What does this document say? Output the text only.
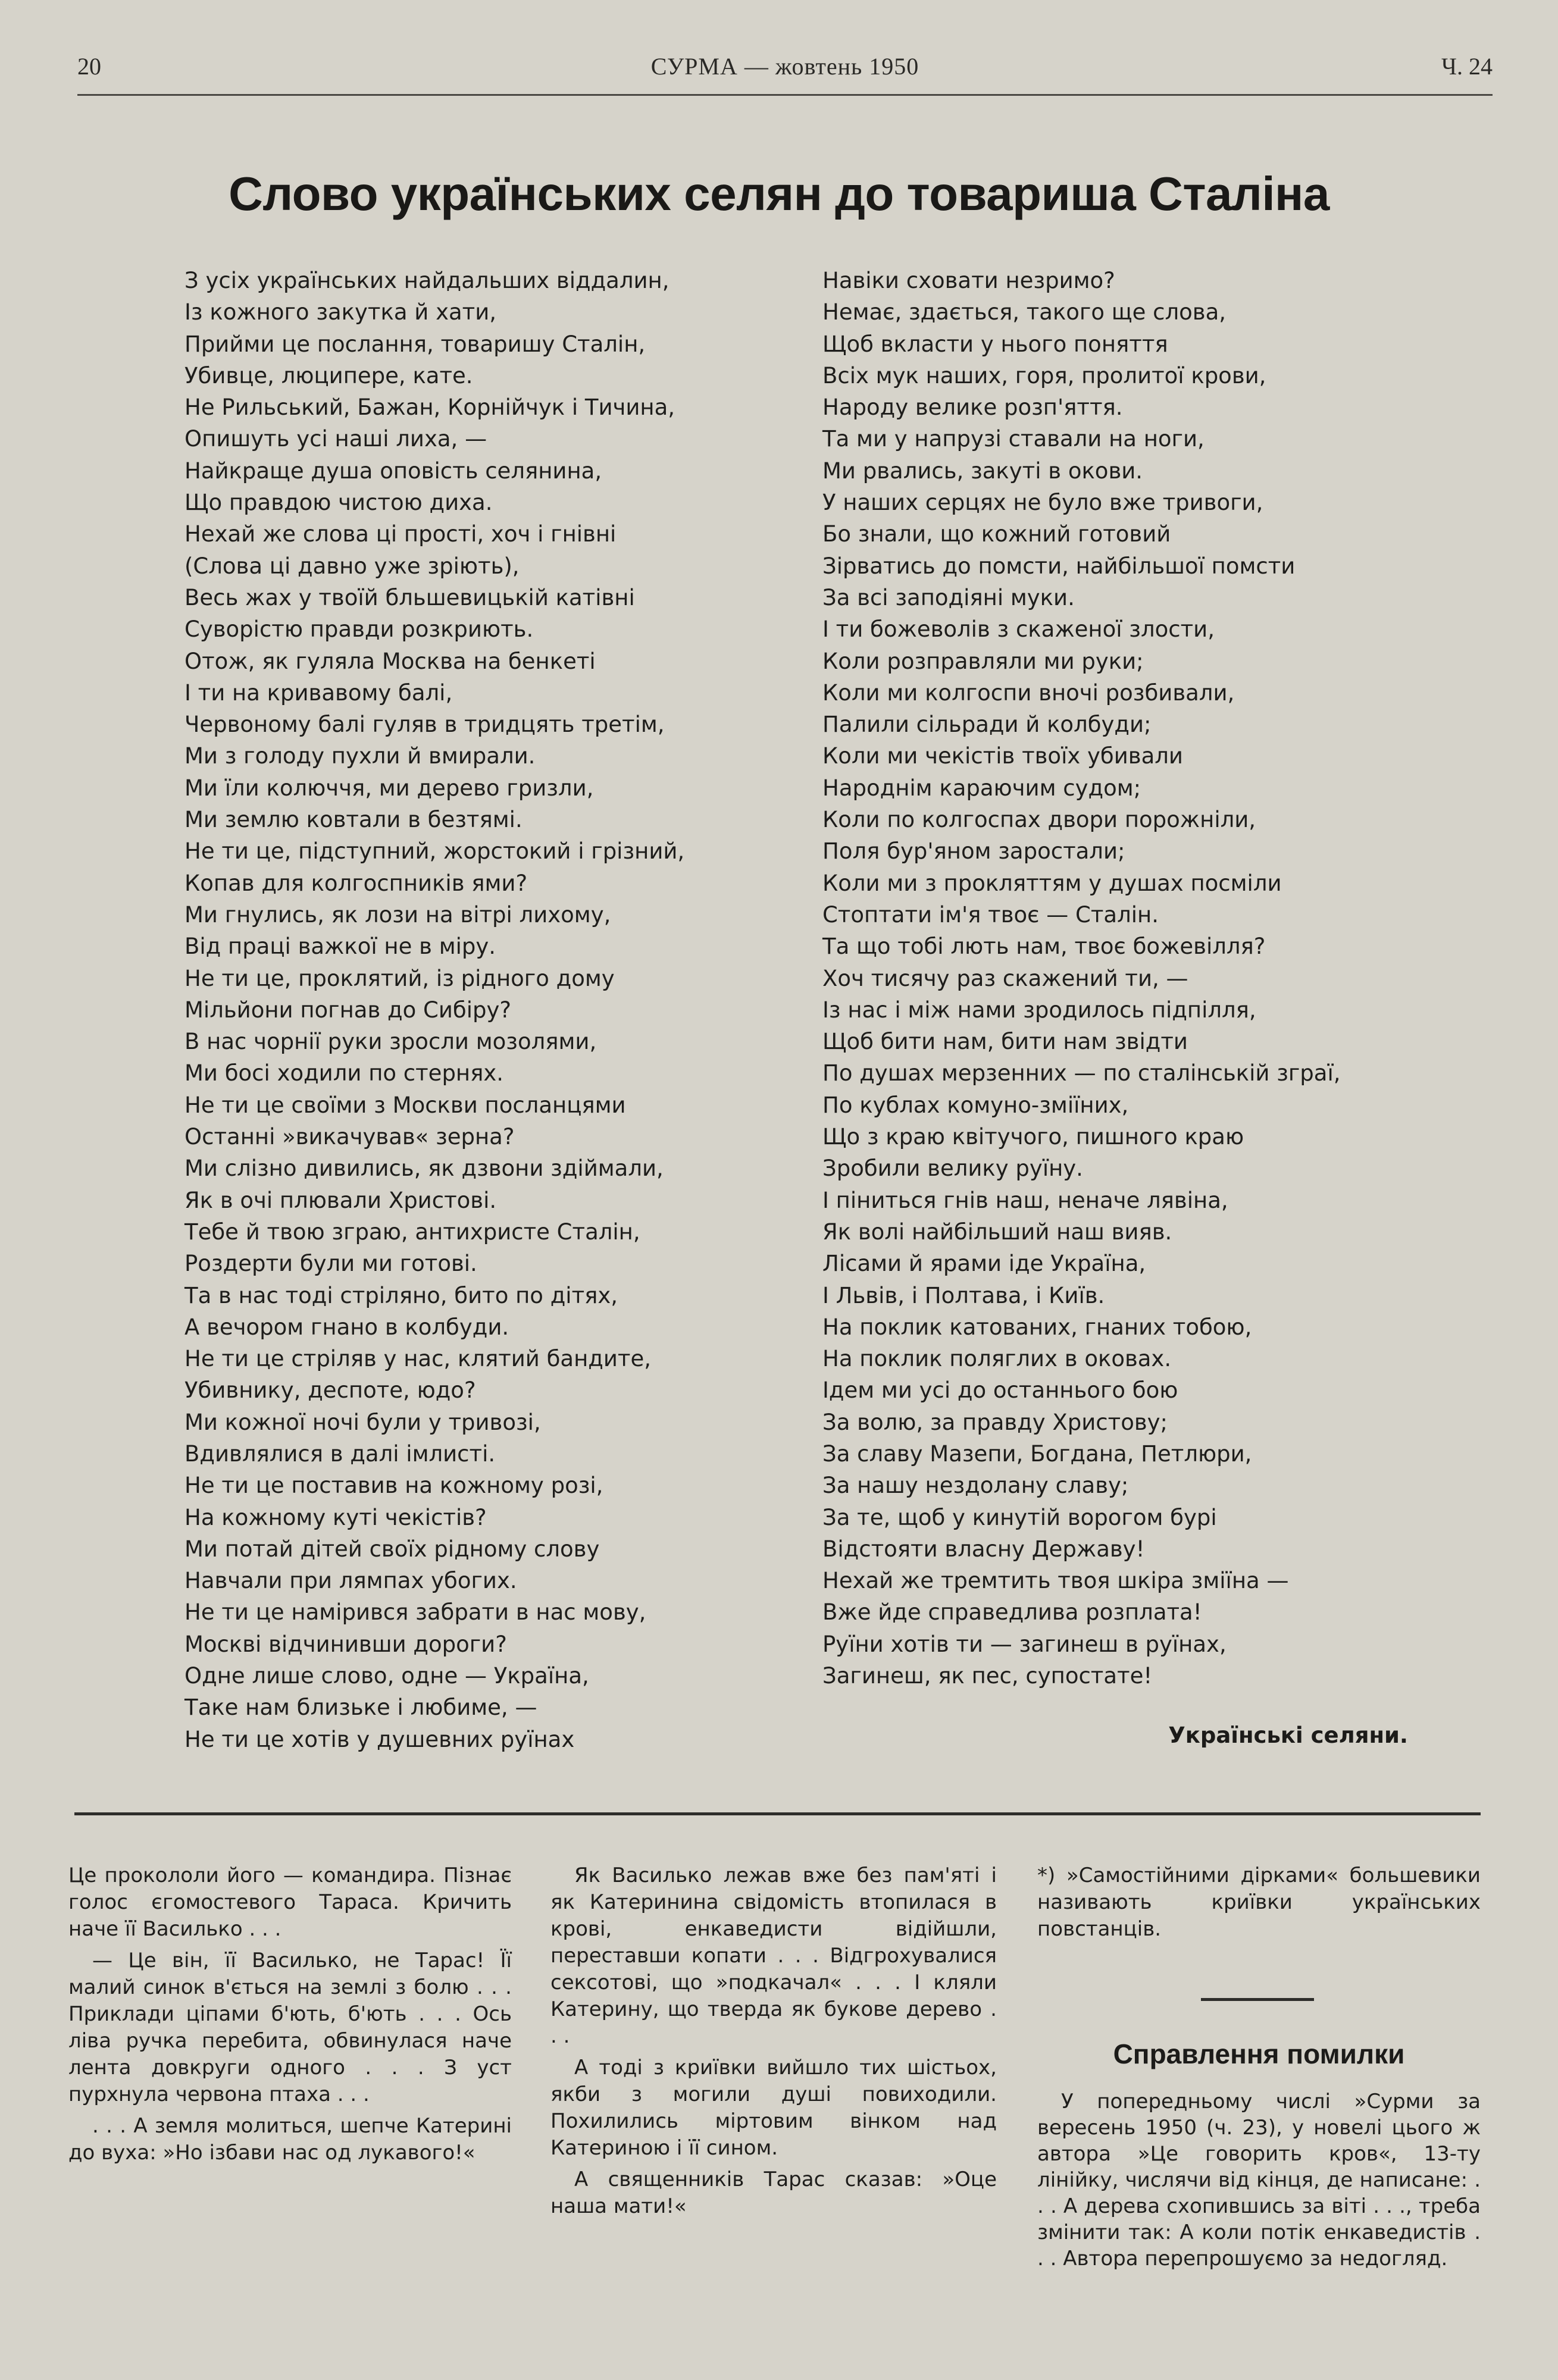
20	СУРМА — жовтень 1950	Ч. 24
Слово українських селян до товариша Сталіна
З усіх українських найдальших віддалин,
Із кожного закутка й хати,
Прийми це послання, товаришу Сталін,
Убивце, люципере, кате.
Не Рильський, Бажан, Корнійчук і Тичина,
Опишуть усі наші лиха, —
Найкраще душа оповість селянина,
Що правдою чистою диха.
Нехай же слова ці прості, хоч і гнівні
(Слова ці давно уже зріють),
Весь жах у твоїй бльшевицькій катівні
Суворістю правди розкриють.
Отож, як гуляла Москва на бенкеті
І ти на кривавому балі,
Червоному балі гуляв в тридцять третім,
Ми з голоду пухли й вмирали.
Ми їли колюччя, ми дерево гризли,
Ми землю ковтали в безтямі.
Не ти це, підступний, жорстокий і грізний,
Копав для колгоспників ями?
Ми гнулись, як лози на вітрі лихому,
Від праці важкої не в міру.
Не ти це, проклятий, із рідного дому
Мільйони погнав до Сибіру?
В нас чорнії руки зросли мозолями,
Ми босі ходили по стернях.
Не ти це своїми з Москви посланцями
Останні »викачував« зерна?
Ми слізно дивились, як дзвони здіймали,
Як в очі плювали Христові.
Тебе й твою зграю, антихристе Сталін,
Роздерти були ми готові.
Та в нас тоді стріляно, бито по дітях,
А вечором гнано в колбуди.
Не ти це стріляв у нас, клятий бандите,
Убивнику, деспоте, юдо?
Ми кожної ночі були у тривозі,
Вдивлялися в далі імлисті.
Не ти це поставив на кожному розі,
На кожному куті чекістів?
Ми потай дітей своїх рідному слову
Навчали при лямпах убогих.
Не ти це намірився забрати в нас мову,
Москві відчинивши дороги?
Одне лише слово, одне — Україна,
Таке нам близьке і любиме, —
Не ти це хотів у душевних руїнах
Навіки сховати незримо?
Немає, здається, такого ще слова,
Щоб вкласти у нього поняття
Всіх мук наших, горя, пролитої крови,
Народу велике розп'яття.
Та ми у напрузі ставали на ноги,
Ми рвались, закуті в окови.
У наших серцях не було вже тривоги,
Бо знали, що кожний готовий
Зірватись до помсти, найбільшої помсти
За всі заподіяні муки.
І ти божеволів з скаженої злости,
Коли розправляли ми руки;
Коли ми колгоспи вночі розбивали,
Палили сільради й колбуди;
Коли ми чекістів твоїх убивали
Народнім караючим судом;
Коли по колгоспах двори порожніли,
Поля бур'яном заростали;
Коли ми з прокляттям у душах посміли
Стоптати ім'я твоє — Сталін.
Та що тобі лють нам, твоє божевілля?
Хоч тисячу раз скажений ти, —
Із нас і між нами зродилось підпілля,
Щоб бити нам, бити нам звідти
По душах мерзенних — по сталінській зграї,
По кублах комуно-зміїних,
Що з краю квітучого, пишного краю
Зробили велику руїну.
І піниться гнів наш, неначе лявіна,
Як волі найбільший наш вияв.
Лісами й ярами іде Україна,
І Львів, і Полтава, і Київ.
На поклик катованих, гнаних тобою,
На поклик поляглих в оковах.
Ідем ми усі до останнього бою
За волю, за правду Христову;
За славу Мазепи, Богдана, Петлюри,
За нашу нездолану славу;
За те, щоб у кинутій ворогом бурі
Відстояти власну Державу!
Нехай же тремтить твоя шкіра зміїна —
Вже йде справедлива розплата!
Руїни хотів ти — загинеш в руїнах,
Загинеш, як пес, супостате!
Українські селяни.

Це прокололи його — командира. Пізнає голос єгомостевого Тараса. Кричить наче її Василько . . .

— Це він, її Василько, не Тарас! Її малий синок в'ється на землі з болю . . . Приклади ціпами б'ють, б'ють . . . Ось ліва ручка перебита, обвинулася наче лента довкруги одного . . . З уст пурхнула червона птаха . . .

. . . А земля молиться, шепче Катерині до вуха: »Но ізбави нас од лукавого!«

Як Василько лежав вже без пам'яті і як Катеринина свідомість втопилася в крові, енкаведисти відійшли, переставши копати . . . Відгрохувалися сексотові, що »подкачал« . . . І кляли Катерину, що тверда як букове дерево . . .

А тоді з криївки вийшло тих шістьох, якби з могили душі повиходили. Похилились міртовим вінком над Катериною і її сином.

А священників Тарас сказав: »Оце наша мати!«

*) »Самостійними дірками« большевики називають криївки українських повстанців.

Справлення помилки

У попередньому числі »Сурми за вересень 1950 (ч. 23), у новелі цього ж автора »Це говорить кров«, 13-ту лінійку, числячи від кінця, де написане: . . . А дерева схопившись за віті . . ., треба змінити так: А коли потік енкаведистів . . . Автора перепрошуємо за недогляд.
